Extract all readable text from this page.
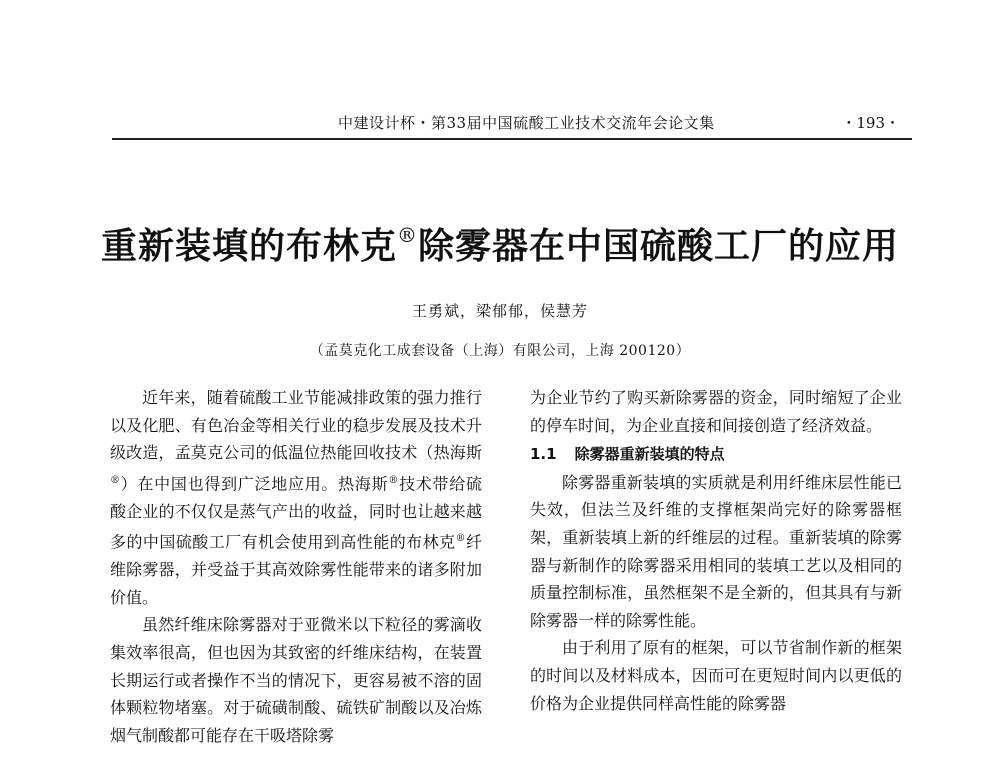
中建设计杯・第33届中国硫酸工业技术交流年会论文集	・193・
重新装填的布林克®除雾器在中国硫酸工厂的应用
王勇斌，梁郁郁，侯慧芳
（孟莫克化工成套设备（上海）有限公司，上海 200120）

近年来，随着硫酸工业节能减排政策的强力推行以及化肥、有色冶金等相关行业的稳步发展及技术升级改造，孟莫克公司的低温位热能回收技术（热海斯®）在中国也得到广泛地应用。热海斯®技术带给硫酸企业的不仅仅是蒸气产出的收益，同时也让越来越多的中国硫酸工厂有机会使用到高性能的布林克®纤维除雾器，并受益于其高效除雾性能带来的诸多附加价值。

虽然纤维床除雾器对于亚微米以下粒径的雾滴收集效率很高，但也因为其致密的纤维床结构，在装置长期运行或者操作不当的情况下，更容易被不溶的固体颗粒物堵塞。对于硫磺制酸、硫铁矿制酸以及冶炼烟气制酸都可能存在干吸塔除雾

为企业节约了购买新除雾器的资金，同时缩短了企业的停车时间，为企业直接和间接创造了经济效益。

1.1 除雾器重新装填的特点

除雾器重新装填的实质就是利用纤维床层性能已失效，但法兰及纤维的支撑框架尚完好的除雾器框架，重新装填上新的纤维层的过程。重新装填的除雾器与新制作的除雾器采用相同的装填工艺以及相同的质量控制标准，虽然框架不是全新的，但其具有与新除雾器一样的除雾性能。

由于利用了原有的框架，可以节省制作新的框架的时间以及材料成本，因而可在更短时间内以更低的价格为企业提供同样高性能的除雾器
